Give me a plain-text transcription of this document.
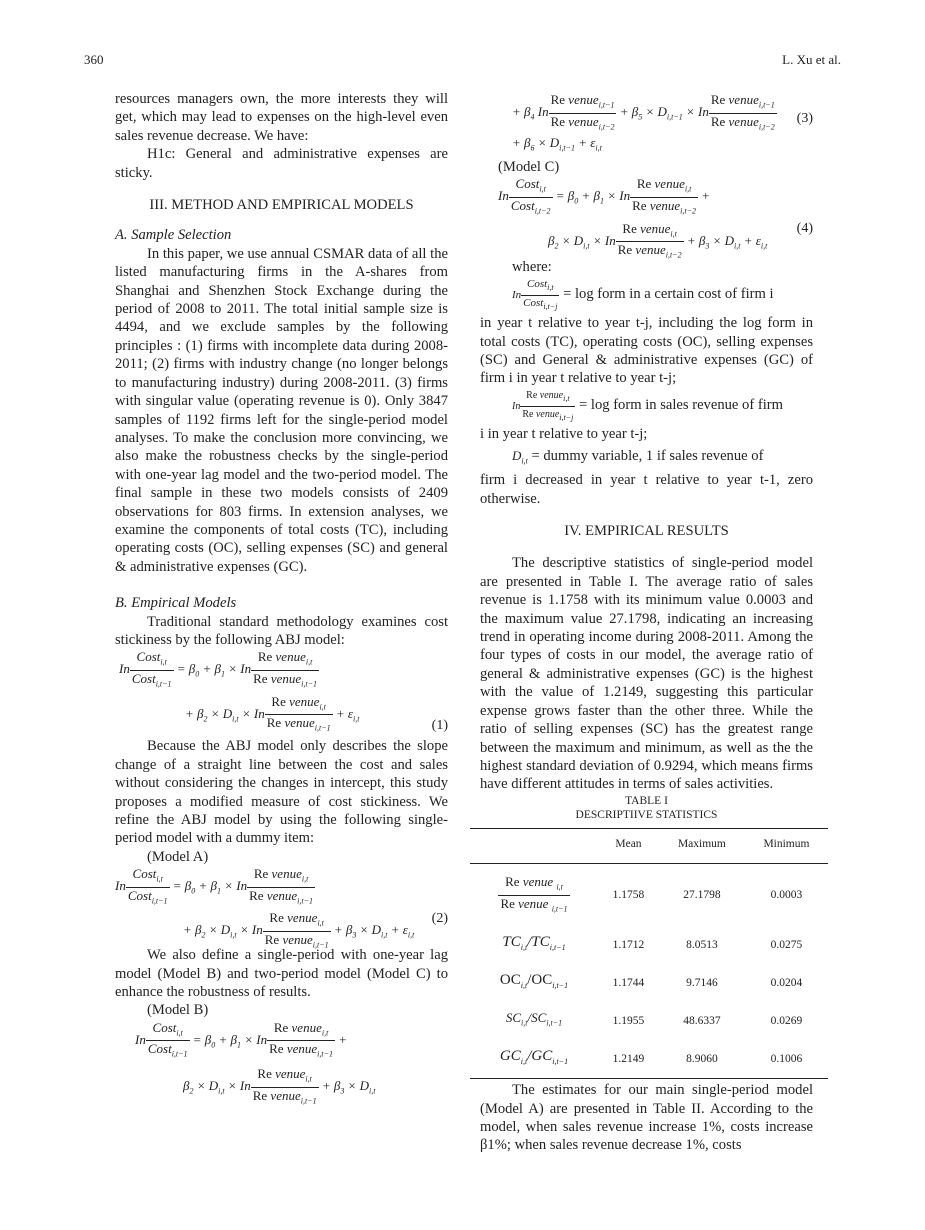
360	L. Xu et al.

resources managers own, the more interests they will get, which may lead to expenses on the high-level even sales revenue decrease. We have:

H1c: General and administrative expenses are sticky.

III. METHOD AND EMPIRICAL MODELS

A. Sample Selection

In this paper, we use annual CSMAR data of all the listed manufacturing firms in the A-shares from Shanghai and Shenzhen Stock Exchange during the period of 2008 to 2011. The total initial sample size is 4494, and we exclude samples by the following principles : (1) firms with incomplete data during 2008-2011; (2) firms with industry change (no longer belongs to manufacturing industry) during 2008-2011. (3) firms with singular value (operating revenue is 0). Only 3847 samples of 1192 firms left for the single-period model analyses. To make the conclusion more convincing, we also make the robustness checks by the single-period with one-year lag model and the two-period model. The final sample in these two models consists of 2409 observations for 803 firms. In extension analyses, we examine the components of total costs (TC), including operating costs (OC), selling expenses (SC) and general & administrative expenses (GC).

B. Empirical Models

Traditional standard methodology examines cost stickiness by the following ABJ model:

In
Cost$_{i,t}$
Cost$_{i,t-1}$
= $\beta_0 + \beta_1 \times In$
Re venue$_{i,t}$
Re venue$_{i,t-1}$
+ $\beta_2 \times D_{i,t} \times In$
Re venue$_{i,t}$
Re venue$_{i,t-1}$
+ $\varepsilon_{i,t}$	(1)

Because the ABJ model only describes the slope change of a straight line between the cost and sales without considering the changes in intercept, this study proposes a modified measure of cost stickiness. We refine the ABJ model by using the following single-period model with a dummy item:

(Model A)

In
Cost$_{i,t}$
Cost$_{i,t-1}$
= $\beta_0 + \beta_1 \times In$
Re venue$_{i,t}$
Re venue$_{i,t-1}$
+ $\beta_2 \times D_{i,t} \times In$
Re venue$_{i,t}$
Re venue$_{i,t-1}$
+ $\beta_3 \times D_{i,t} + \varepsilon_{i,t}$
(2)

We also define a single-period with one-year lag model (Model B) and two-period model (Model C) to enhance the robustness of results.

(Model B)

In
Cost$_{i,t}$
Cost$_{i,t-1}$
= $\beta_0 + \beta_1 \times In$
Re venue$_{i,t}$
Re venue$_{i,t-1}$
+
$\beta_2 \times D_{i,t} \times In$
Re venue$_{i,t}$
Re venue$_{i,t-1}$
+ $\beta_3 \times D_{i,t}$
+ $\beta_4$ In
Re venue$_{i,t-1}$
Re venue$_{i,t-2}$
+ $\beta_5 \times D_{i,t-1} \times In$
Re venue$_{i,t-1}$
Re venue$_{i,t-2}$
+ $\beta_6 \times D_{i,t-1} + \varepsilon_{i,t}$
(3)

(Model C)

In
Cost$_{i,t}$
Cost$_{i,t-2}$
= $\beta_0 + \beta_1 \times In$
Re venue$_{i,t}$
Re venue$_{i,t-2}$
+
$\beta_2 \times D_{i,t} \times In$
Re venue$_{i,t}$
Re venue$_{i,t-2}$
+ $\beta_3 \times D_{i,t} + \varepsilon_{i,t}$
(4)

where:

In
Cost$_{i,t}$
Cost$_{i,t-j}$
= log form in a certain cost of firm i

in year t relative to year t-j, including the log form in total costs (TC), operating costs (OC), selling expenses (SC) and General & administrative expenses (GC) of firm i in year t relative to year t-j;

In
Re venue$_{i,t}$
Re venue$_{i,t-j}$
= log form in sales revenue of firm

i in year t relative to year t-j;

$D_{i,t}$ = dummy variable, 1 if sales revenue of

firm i decreased in year t relative to year t-1, zero otherwise.

IV. EMPIRICAL RESULTS

The descriptive statistics of single-period model are presented in Table I. The average ratio of sales revenue is 1.1758 with its minimum value 0.0003 and the maximum value 27.1798, indicating an increasing trend in operating income during 2008-2011. Among the four types of costs in our model, the average ratio of general & administrative expenses (GC) is the highest with the value of 1.2149, suggesting this particular expense grows faster than the other three. While the ratio of selling expenses (SC) has the greatest range between the maximum and minimum, as well as the the highest standard deviation of 0.9294, which means firms have different attitudes in terms of sales activities.

TABLE I
DESCRIPTIIVE STATISTICS
	Mean	Maximum	Minimum

Re venue $_{i,t}$
Re venue $_{i,t-1}$	1.1758	27.1798	0.0003
$TC_{i,t}/TC_{i,t-1}$	1.1712	8.0513	0.0275
$OC_{i,t}/OC_{i,t-1}$	1.1744	9.7146	0.0204
$SC_{i,t}/SC_{i,t-1}$	1.1955	48.6337	0.0269
$GC_{i,t}/GC_{i,t-1}$	1.2149	8.9060	0.1006

The estimates for our main single-period model (Model A) are presented in Table II. According to the model, when sales revenue increase 1%, costs increase β1%; when sales revenue decrease 1%, costs
